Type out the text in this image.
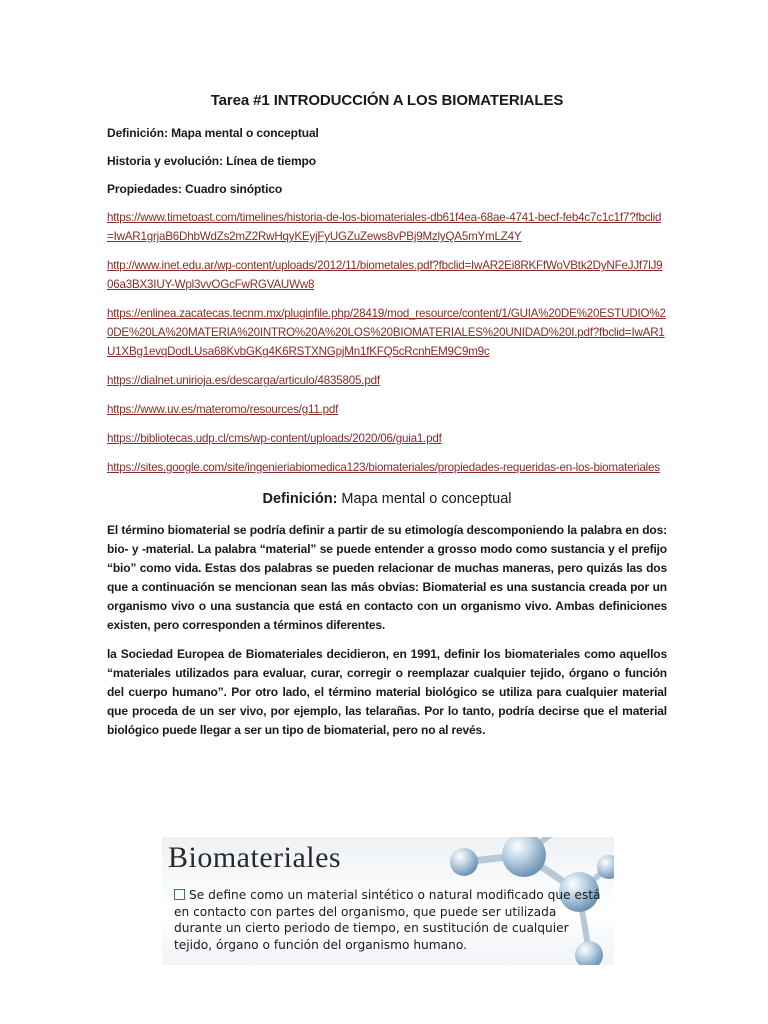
Tarea #1 INTRODUCCIÓN A LOS BIOMATERIALES
Definición: Mapa mental o conceptual
Historia y evolución: Línea de tiempo
Propiedades: Cuadro sinóptico
https://www.timetoast.com/timelines/historia-de-los-biomateriales-db61f4ea-68ae-4741-becf-feb4c7c1c1f7?fbclid=IwAR1grjaB6DhbWdZs2mZ2RwHqyKEyjFyUGZuZews8vPBj9MzlyQA5mYmLZ4Y
http://www.inet.edu.ar/wp-content/uploads/2012/11/biometales.pdf?fbclid=IwAR2Ei8RKFfWoVBtk2DyNFeJJf7lJ906a3BX3IUY-Wpl3vvOGcFwRGVAUWw8
https://enlinea.zacatecas.tecnm.mx/pluginfile.php/28419/mod_resource/content/1/GUIA%20DE%20ESTUDIO%20DE%20LA%20MATERIA%20INTRO%20A%20LOS%20BIOMATERIALES%20UNIDAD%20I.pdf?fbclid=IwAR1U1XBg1evqDodLUsa68KvbGKg4K6RSTXNGpjMn1fKFQ5cRcnhEM9C9m9c
https://dialnet.unirioja.es/descarga/articulo/4835805.pdf
https://www.uv.es/materomo/resources/g11.pdf
https://bibliotecas.udp.cl/cms/wp-content/uploads/2020/06/guia1.pdf
https://sites.google.com/site/ingenieriabiomedica123/biomateriales/propiedades-requeridas-en-los-biomateriales
Definición: Mapa mental o conceptual

El término biomaterial se podría definir a partir de su etimología descomponiendo la palabra en dos: bio- y -material. La palabra “material” se puede entender a grosso modo como sustancia y el prefijo “bio” como vida. Estas dos palabras se pueden relacionar de muchas maneras, pero quizás las dos que a continuación se mencionan sean las más obvias: Biomaterial es una sustancia creada por un organismo vivo o una sustancia que está en contacto con un organismo vivo. Ambas definiciones existen, pero corresponden a términos diferentes.

la Sociedad Europea de Biomateriales decidieron, en 1991, definir los biomateriales como aquellos “materiales utilizados para evaluar, curar, corregir o reemplazar cualquier tejido, órgano o función del cuerpo humano”. Por otro lado, el término material biológico se utiliza para cualquier material que proceda de un ser vivo, por ejemplo, las telarañas. Por lo tanto, podría decirse que el material biológico puede llegar a ser un tipo de biomaterial, pero no al revés.

Biomateriales
Se define como un material sintético o natural modificado que está en contacto con partes del organismo, que puede ser utilizada durante un cierto periodo de tiempo, en sustitución de cualquier tejido, órgano o función del organismo humano.
